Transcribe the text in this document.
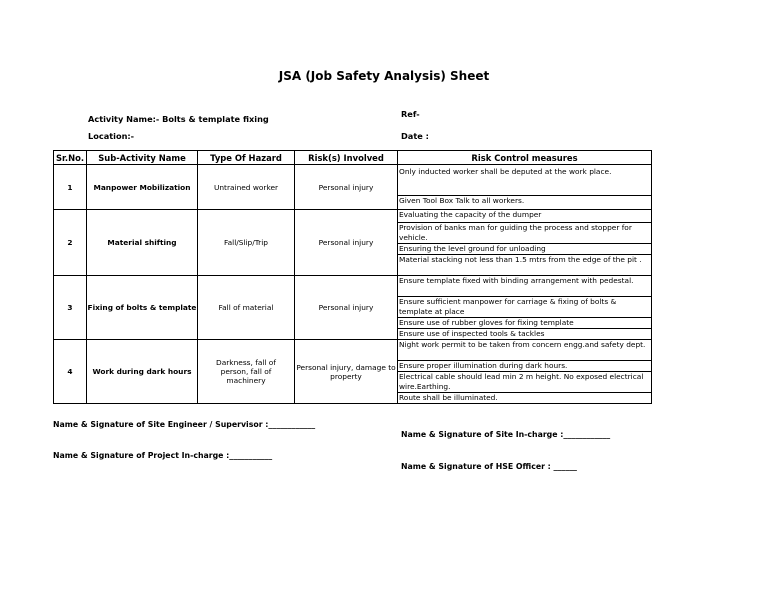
JSA (Job Safety Analysis) Sheet
Activity Name:- Bolts & template fixing	Ref-
Location:-	Date :
Sr.No.	Sub-Activity Name	Type Of Hazard	Risk(s) Involved	Risk Control measures
1	Manpower Mobilization	Untrained worker	Personal injury	Only inducted worker shall be deputed at the work place.
Given Tool Box Talk to all workers.

2	Material shifting	Fall/Slip/Trip	Personal injury	Evaluating the capacity of the dumper
Provision of banks man for guiding the process and stopper for vehicle.
Ensuring the level ground for unloading
Material stacking not less than 1.5 mtrs from the edge of the pit .

3	Fixing of bolts & template	Fall of material	Personal injury	Ensure template fixed with binding arrangement with pedestal.
Ensure sufficient manpower for carriage & fixing of bolts & template at place
Ensure use of rubber gloves for fixing template
Ensure use of inspected tools & tackles

4	Work during dark hours	Darkness, fall of person, fall of machinery	Personal injury, damage to property	Night work permit to be taken from concern engg.and safety dept.
Ensure proper illumination during dark hours.
Electrical cable should lead min 2 m height. No exposed electrical wire.Earthing.
Route shall be illuminated.
Name & Signature of Site Engineer / Supervisor :____________
Name & Signature of Site In-charge :____________
Name & Signature of Project In-charge :___________
Name & Signature of HSE Officer : ______
